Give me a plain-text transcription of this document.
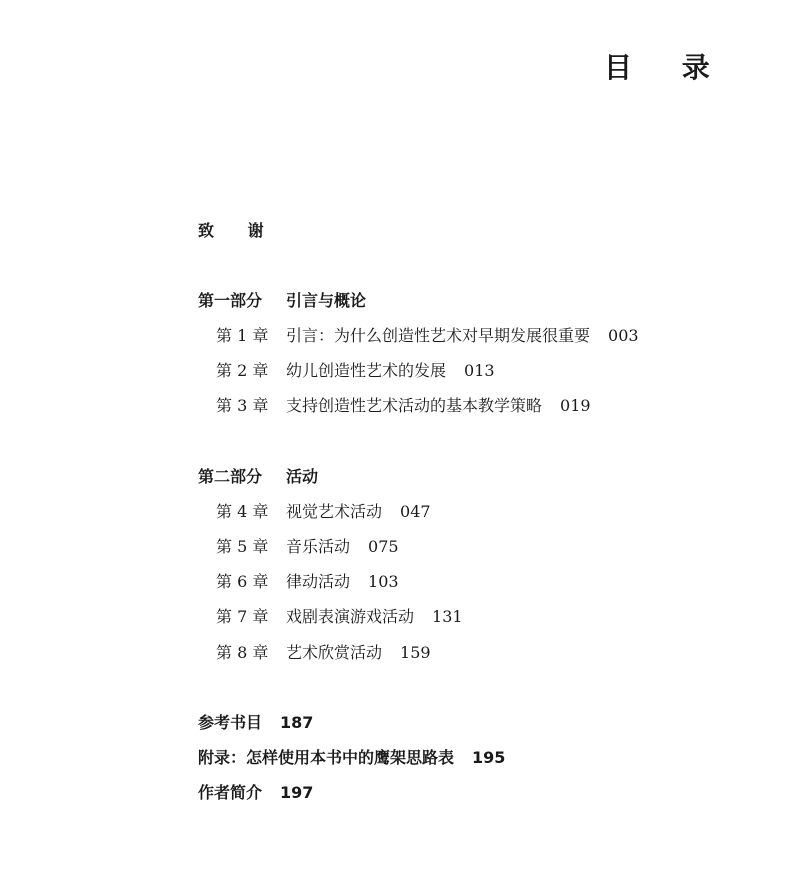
目 录
致 谢
第一部分 引言与概论
第 1 章 引言：为什么创造性艺术对早期发展很重要 003
第 2 章 幼儿创造性艺术的发展 013
第 3 章 支持创造性艺术活动的基本教学策略 019
第二部分 活动
第 4 章 视觉艺术活动 047
第 5 章 音乐活动 075
第 6 章 律动活动 103
第 7 章 戏剧表演游戏活动 131
第 8 章 艺术欣赏活动 159
参考书目 187
附录：怎样使用本书中的鹰架思路表 195
作者简介 197
